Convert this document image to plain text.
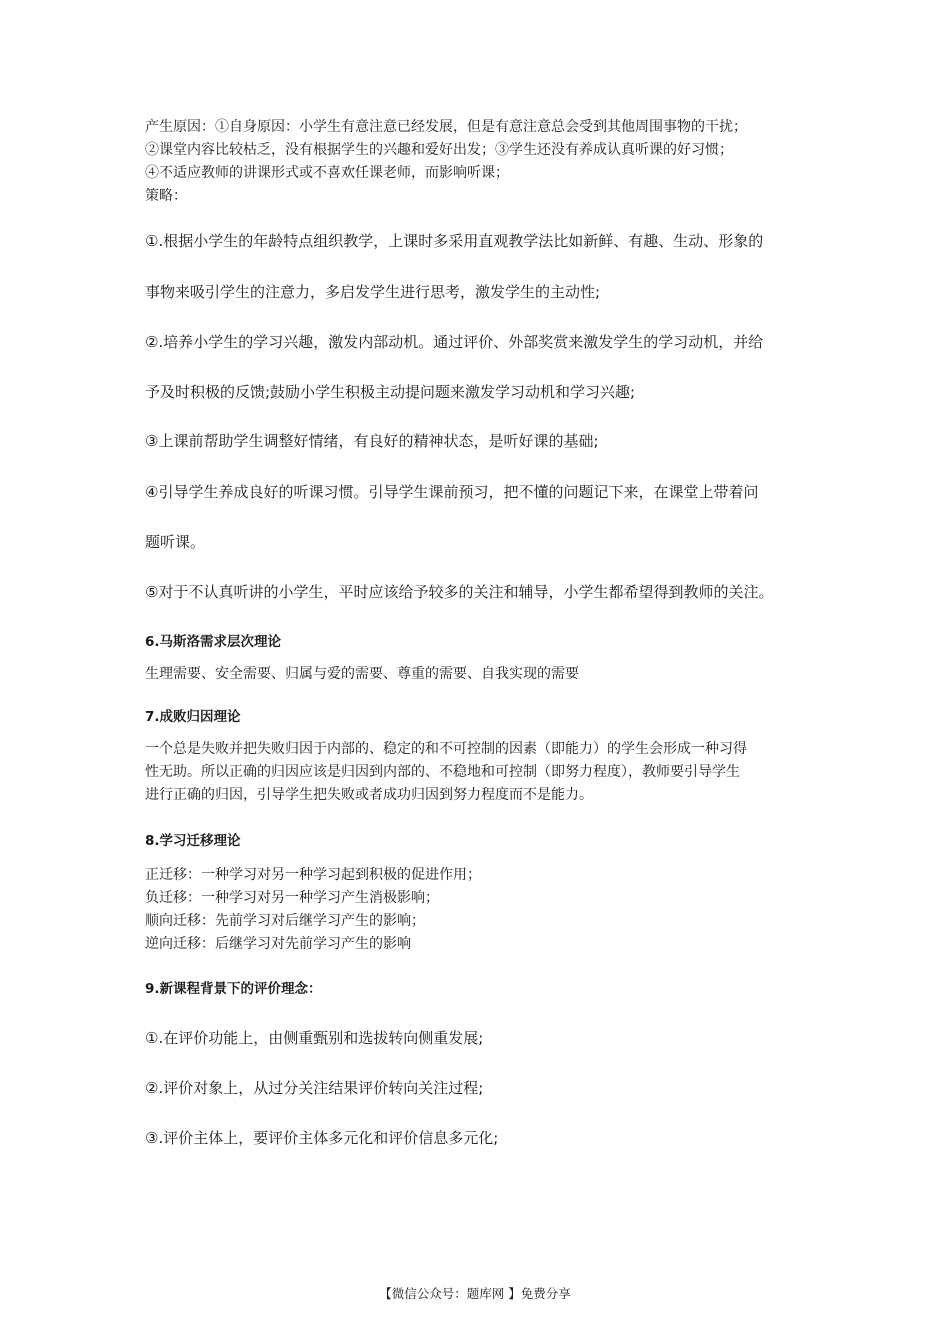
产生原因：①自身原因：小学生有意注意已经发展，但是有意注意总会受到其他周围事物的干扰；
②课堂内容比较枯乏，没有根据学生的兴趣和爱好出发；③学生还没有养成认真听课的好习惯；
④不适应教师的讲课形式或不喜欢任课老师，而影响听课；
策略：

①.根据小学生的年龄特点组织教学，上课时多采用直观教学法比如新鲜、有趣、生动、形象的

事物来吸引学生的注意力，多启发学生进行思考，激发学生的主动性;

②.培养小学生的学习兴趣，激发内部动机。通过评价、外部奖赏来激发学生的学习动机，并给

予及时积极的反馈;鼓励小学生积极主动提问题来激发学习动机和学习兴趣;

③上课前帮助学生调整好情绪，有良好的精神状态，是听好课的基础;

④引导学生养成良好的听课习惯。引导学生课前预习，把不懂的问题记下来，在课堂上带着问

题听课。

⑤对于不认真听讲的小学生，平时应该给予较多的关注和辅导，小学生都希望得到教师的关注。

6.马斯洛需求层次理论

生理需要、安全需要、归属与爱的需要、尊重的需要、自我实现的需要

7.成败归因理论

一个总是失败并把失败归因于内部的、稳定的和不可控制的因素（即能力）的学生会形成一种习得
性无助。所以正确的归因应该是归因到内部的、不稳地和可控制（即努力程度），教师要引导学生
进行正确的归因，引导学生把失败或者成功归因到努力程度而不是能力。

8.学习迁移理论

正迁移：一种学习对另一种学习起到积极的促进作用；
负迁移：一种学习对另一种学习产生消极影响；
顺向迁移：先前学习对后继学习产生的影响；
逆向迁移：后继学习对先前学习产生的影响

9.新课程背景下的评价理念：

①.在评价功能上，由侧重甄别和选拔转向侧重发展;

②.评价对象上，从过分关注结果评价转向关注过程;

③.评价主体上，要评价主体多元化和评价信息多元化;

【微信公众号：题库网 】免费分享
